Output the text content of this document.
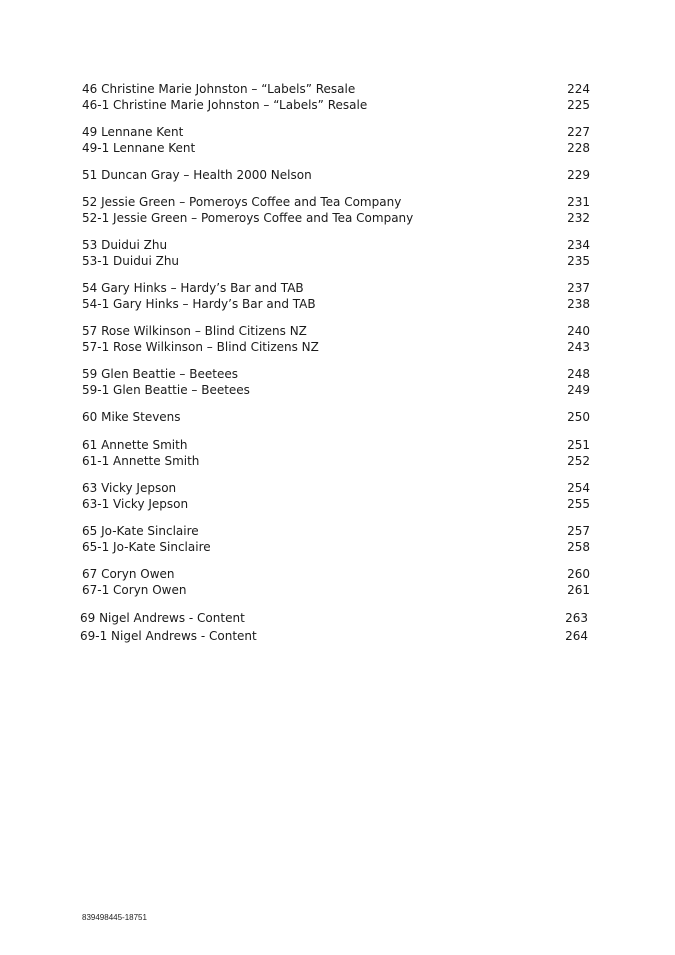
46 Christine Marie Johnston – “Labels” Resale	224
46-1 Christine Marie Johnston – “Labels” Resale	225
49 Lennane Kent	227
49-1 Lennane Kent	228
51 Duncan Gray – Health 2000 Nelson	229
52 Jessie Green – Pomeroys Coffee and Tea Company	231
52-1 Jessie Green – Pomeroys Coffee and Tea Company	232
53 Duidui Zhu	234
53-1 Duidui Zhu	235
54 Gary Hinks – Hardy’s Bar and TAB	237
54-1 Gary Hinks – Hardy’s Bar and TAB	238
57 Rose Wilkinson – Blind Citizens NZ	240
57-1 Rose Wilkinson – Blind Citizens NZ	243
59 Glen Beattie – Beetees	248
59-1 Glen Beattie – Beetees	249
60 Mike Stevens	250
61 Annette Smith	251
61-1 Annette Smith	252
63 Vicky Jepson	254
63-1 Vicky Jepson	255
65 Jo-Kate Sinclaire	257
65-1 Jo-Kate Sinclaire	258
67 Coryn Owen	260
67-1 Coryn Owen	261
69 Nigel Andrews - Content	263
69-1 Nigel Andrews - Content	264
839498445-18751
